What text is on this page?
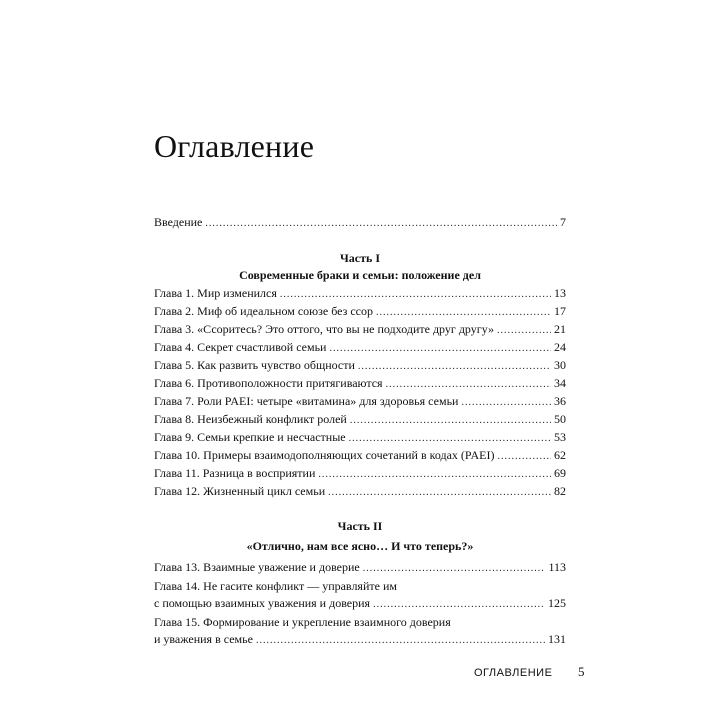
Оглавление
Введение .....	7
Часть I
Современные браки и семьи: положение дел
Глава 1. Мир изменился .....	13
Глава 2. Миф об идеальном союзе без ссор .....	17
Глава 3. «Ссоритесь? Это оттого, что вы не подходите друг другу» .....	21
Глава 4. Секрет счастливой семьи .....	24
Глава 5. Как развить чувство общности .....	30
Глава 6. Противоположности притягиваются .....	34
Глава 7. Роли PAEI: четыре «витамина» для здоровья семьи .....	36
Глава 8. Неизбежный конфликт ролей .....	50
Глава 9. Семьи крепкие и несчастные .....	53
Глава 10. Примеры взаимодополняющих сочетаний в кодах (PAEI) .....	62
Глава 11. Разница в восприятии .....	69
Глава 12. Жизненный цикл семьи .....	82
Часть II
«Отлично, нам все ясно… И что теперь?»
Глава 13. Взаимные уважение и доверие .....	113
Глава 14. Не гасите конфликт — управляйте им
с помощью взаимных уважения и доверия .....	125
Глава 15. Формирование и укрепление взаимного доверия
и уважения в семье .....	131
ОГЛАВЛЕНИЕ 5
